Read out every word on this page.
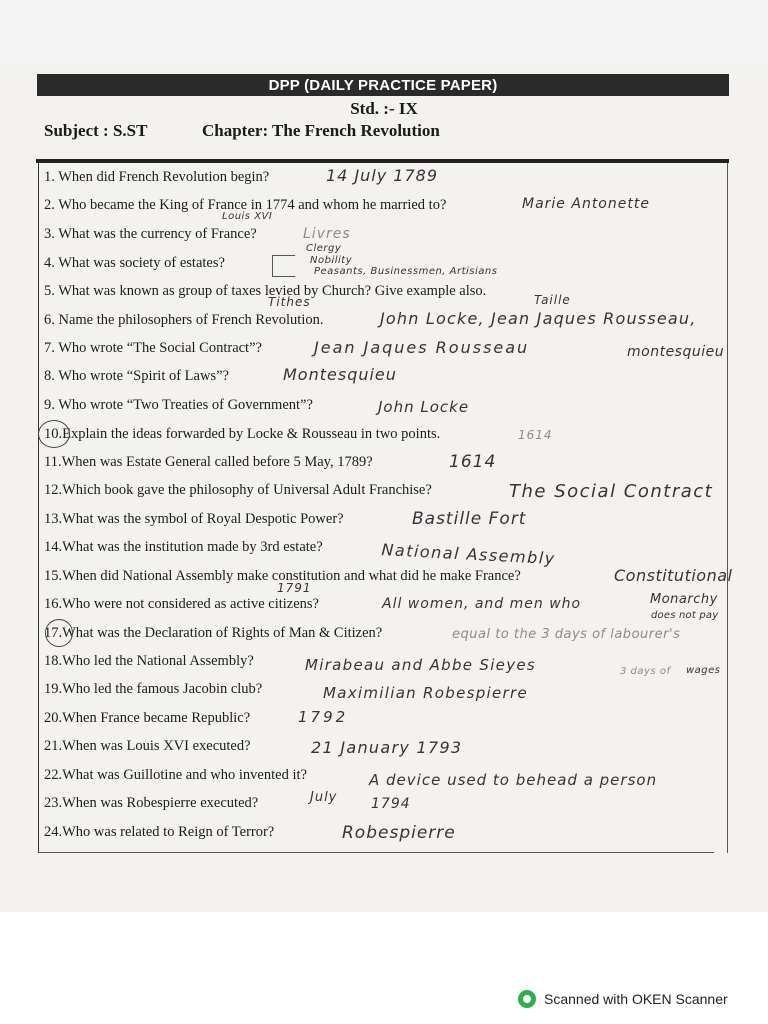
DPP (DAILY PRACTICE PAPER)
Std. :- IX
Subject : S.ST	Chapter: The French Revolution
1. When did French Revolution begin?
2. Who became the King of France in 1774 and whom he married to?
3. What was the currency of France?
4. What was society of estates?
5. What was known as group of taxes levied by Church? Give example also.
6. Name the philosophers of French Revolution.
7. Who wrote “The Social Contract”?
8. Who wrote “Spirit of Laws”?
9. Who wrote “Two Treaties of Government”?
10.Explain the ideas forwarded by Locke & Rousseau in two points.
11.When was Estate General called before 5 May, 1789?
12.Which book gave the philosophy of Universal Adult Franchise?
13.What was the symbol of Royal Despotic Power?
14.What was the institution made by 3rd estate?
15.When did National Assembly make constitution and what did he make France?
16.Who were not considered as active citizens?
17.What was the Declaration of Rights of Man & Citizen?
18.Who led the National Assembly?
19.Who led the famous Jacobin club?
20.When France became Republic?
21.When was Louis XVI executed?
22.What was Guillotine and who invented it?
23.When was Robespierre executed?
24.Who was related to Reign of Terror?
14 July 1789
Marie Antonette
Louis XVI
Livres
Clergy
Nobility
Peasants, Businessmen, Artisians
Tithes	Taille
John Locke, Jean Jaques Rousseau,
montesquieu
Jean Jaques Rousseau
Montesquieu
John Locke
1614
1614
The Social Contract
Bastille Fort
National Assembly
1791
Constitutional
Monarchy
All women, and men who
does not pay
equal to the 3 days of labourer's
3 days of wages
Mirabeau and Abbe Sieyes
Maximilian Robespierre
1792
21 January 1793
A device used to behead a person
July 1794
Robespierre
Scanned with OKEN Scanner
